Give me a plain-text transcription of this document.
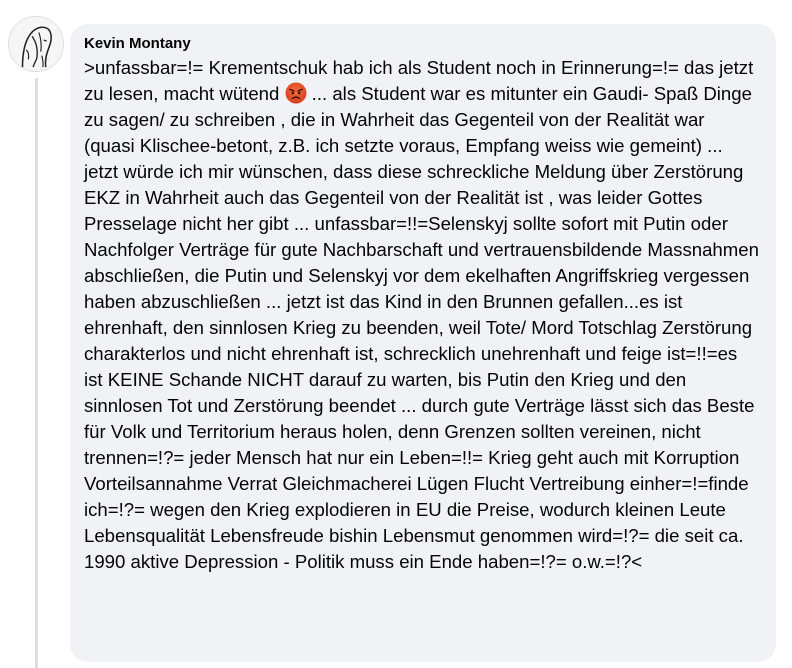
Kevin Montany
>unfassbar=!= Krementschuk hab ich als Student noch in Erinnerung=!= das jetzt zu lesen, macht wütend
... als Student war es mitunter ein Gaudi- Spaß Dinge zu sagen/ zu schreiben , die in Wahrheit das Gegenteil von der Realität war (quasi Klischee-betont, z.B. ich setzte voraus, Empfang weiss wie gemeint) ... jetzt würde ich mir wünschen, dass diese schreckliche Meldung über Zerstörung EKZ in Wahrheit auch das Gegenteil von der Realität ist , was leider Gottes Presselage nicht her gibt ... unfassbar=!!=Selenskyj sollte sofort mit Putin oder Nachfolger Verträge für gute Nachbarschaft und vertrauensbildende Massnahmen abschließen, die Putin und Selenskyj vor dem ekelhaften Angriffskrieg vergessen haben abzuschließen ... jetzt ist das Kind in den Brunnen gefallen...es ist ehrenhaft, den sinnlosen Krieg zu beenden, weil Tote/ Mord Totschlag Zerstörung charakterlos und nicht ehrenhaft ist, schrecklich unehrenhaft und feige ist=!!=es ist KEINE Schande NICHT darauf zu warten, bis Putin den Krieg und den sinnlosen Tot und Zerstörung beendet ... durch gute Verträge lässt sich das Beste für Volk und Territorium heraus holen, denn Grenzen sollten vereinen, nicht trennen=!?= jeder Mensch hat nur ein Leben=!!= Krieg geht auch mit Korruption Vorteilsannahme Verrat Gleichmacherei Lügen Flucht Vertreibung einher=!=finde ich=!?= wegen den Krieg explodieren in EU die Preise, wodurch kleinen Leute Lebensqualität Lebensfreude bishin Lebensmut genommen wird=!?= die seit ca. 1990 aktive Depression - Politik muss ein Ende haben=!?= o.w.=!?<
